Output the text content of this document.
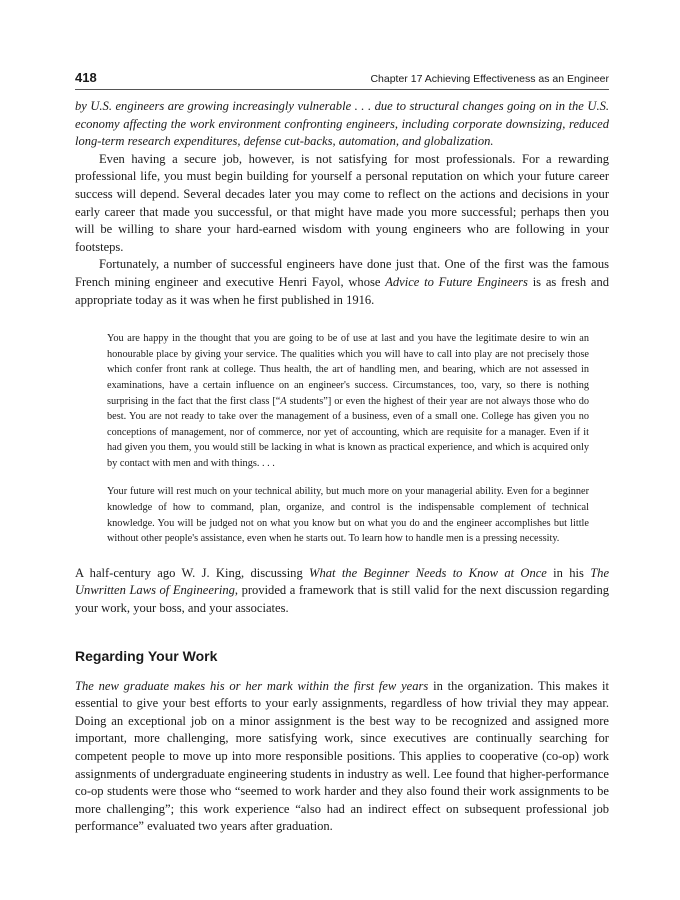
418	Chapter 17 Achieving Effectiveness as an Engineer

by U.S. engineers are growing increasingly vulnerable . . . due to structural changes going on in the U.S. economy affecting the work environment confronting engineers, including corporate downsizing, reduced long-term research expenditures, defense cut-backs, automation, and globalization.

Even having a secure job, however, is not satisfying for most professionals. For a rewarding professional life, you must begin building for yourself a personal reputation on which your future career success will depend. Several decades later you may come to reflect on the actions and decisions in your early career that made you successful, or that might have made you more successful; perhaps then you will be willing to share your hard-earned wisdom with young engineers who are following in your footsteps.

Fortunately, a number of successful engineers have done just that. One of the first was the famous French mining engineer and executive Henri Fayol, whose Advice to Future Engineers is as fresh and appropriate today as it was when he first published in 1916.

You are happy in the thought that you are going to be of use at last and you have the legitimate desire to win an honourable place by giving your service. The qualities which you will have to call into play are not precisely those which confer front rank at college. Thus health, the art of handling men, and bearing, which are not assessed in examinations, have a certain influence on an engineer's success. Circumstances, too, vary, so there is nothing surprising in the fact that the first class [“A students”] or even the highest of their year are not always those who do best. You are not ready to take over the management of a business, even of a small one. College has given you no conceptions of management, nor of commerce, nor yet of accounting, which are requisite for a manager. Even if it had given you them, you would still be lacking in what is known as practical experience, and which is acquired only by contact with men and with things. . . .

Your future will rest much on your technical ability, but much more on your managerial ability. Even for a beginner knowledge of how to command, plan, organize, and control is the indispensable complement of technical knowledge. You will be judged not on what you know but on what you do and the engineer accomplishes but little without other people's assistance, even when he starts out. To learn how to handle men is a pressing necessity.

A half-century ago W. J. King, discussing What the Beginner Needs to Know at Once in his The Unwritten Laws of Engineering, provided a framework that is still valid for the next discussion regarding your work, your boss, and your associates.

Regarding Your Work

The new graduate makes his or her mark within the first few years in the organization. This makes it essential to give your best efforts to your early assignments, regardless of how trivial they may appear. Doing an exceptional job on a minor assignment is the best way to be recognized and assigned more important, more challenging, more satisfying work, since executives are continually searching for competent people to move up into more responsible positions. This applies to cooperative (co-op) work assignments of undergraduate engineering students in industry as well. Lee found that higher-performance co-op students were those who “seemed to work harder and they also found their work assignments to be more challenging”; this work experience “also had an indirect effect on subsequent professional job performance” evaluated two years after graduation.
